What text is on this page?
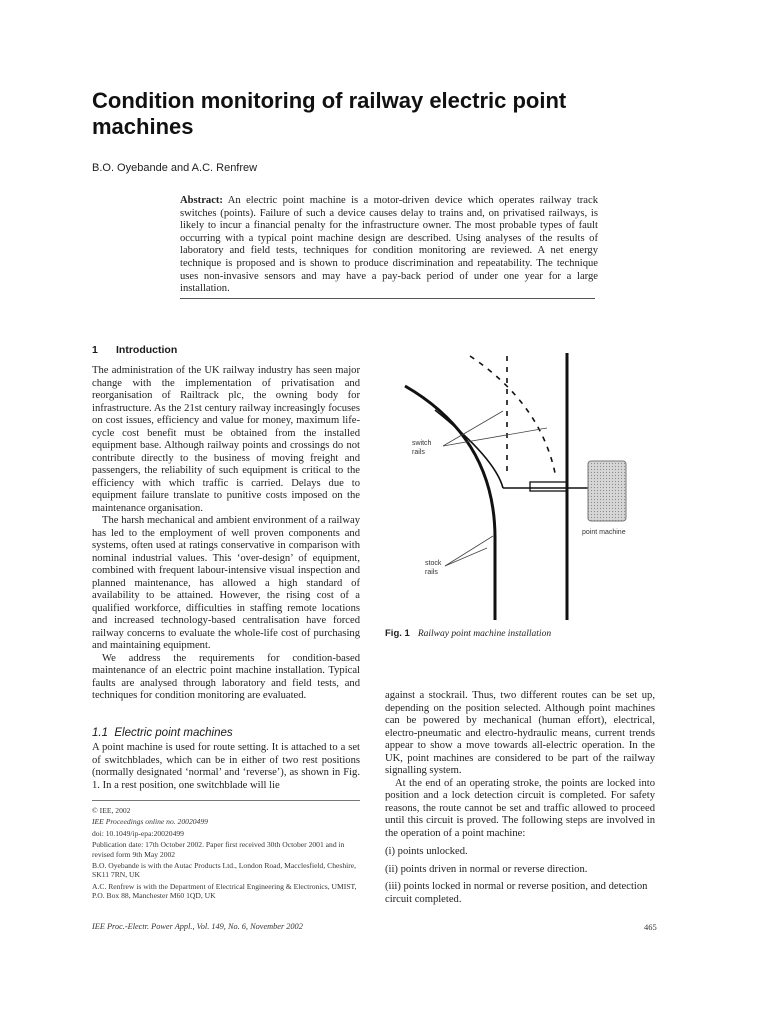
Condition monitoring of railway electric point machines
B.O. Oyebande and A.C. Renfrew

Abstract: An electric point machine is a motor-driven device which operates railway track switches (points). Failure of such a device causes delay to trains and, on privatised railways, is likely to incur a financial penalty for the infrastructure owner. The most probable types of fault occurring with a typical point machine design are described. Using analyses of the results of laboratory and field tests, techniques for condition monitoring are reviewed. A net energy technique is proposed and is shown to produce discrimination and repeatability. The technique uses non-invasive sensors and may have a pay-back period of under one year for a large installation.

1 Introduction

The administration of the UK railway industry has seen major change with the implementation of privatisation and reorganisation of Railtrack plc, the owning body for infrastructure. As the 21st century railway increasingly focuses on cost issues, efficiency and value for money, maximum life-cycle cost benefit must be obtained from the installed equipment base. Although railway points and crossings do not contribute directly to the business of moving freight and passengers, the reliability of such equipment is critical to the efficiency with which traffic is carried. Delays due to equipment failure translate to punitive costs imposed on the maintenance organisation.

The harsh mechanical and ambient environment of a railway has led to the employment of well proven components and systems, often used at ratings conservative in comparison with nominal industrial values. This ‘over-design’ of equipment, combined with frequent labour-intensive visual inspection and planned maintenance, has allowed a high standard of availability to be attained. However, the rising cost of a qualified workforce, difficulties in staffing remote locations and increased technology-based centralisation have forced railway concerns to evaluate the whole-life cost of purchasing and maintaining equipment.

We address the requirements for condition-based maintenance of an electric point machine installation. Typical faults are analysed through laboratory and field tests, and techniques for condition monitoring are evaluated.

1.1 Electric point machines

A point machine is used for route setting. It is attached to a set of switchblades, which can be in either of two rest positions (normally designated ‘normal’ and ‘reverse’), as shown in Fig. 1. In a rest position, one switchblade will lie

© IEE, 2002
IEE Proceedings online no. 20020499
doi: 10.1049/ip-epa:20020499
Publication date: 17th October 2002. Paper first received 30th October 2001 and in revised form 9th May 2002
B.O. Oyebande is with the Autac Products Ltd., London Road, Macclesfield, Cheshire, SK11 7RN, UK
A.C. Renfrew is with the Department of Electrical Engineering & Electronics, UMIST, P.O. Box 88, Manchester M60 1QD, UK
switch
rails
stock
rails
point machine
Fig. 1 Railway point machine installation

against a stockrail. Thus, two different routes can be set up, depending on the position selected. Although point machines can be powered by mechanical (human effort), electrical, electro-pneumatic and electro-hydraulic means, current trends appear to show a move towards all-electric operation. In the UK, point machines are considered to be part of the railway signalling system.

At the end of an operating stroke, the points are locked into position and a lock detection circuit is completed. For safety reasons, the route cannot be set and traffic allowed to proceed until this circuit is proved. The following steps are involved in the operation of a point machine:

(i) points unlocked.
(ii) points driven in normal or reverse direction.
(iii) points locked in normal or reverse position, and detection circuit completed.
IEE Proc.-Electr. Power Appl., Vol. 149, No. 6, November 2002	465
